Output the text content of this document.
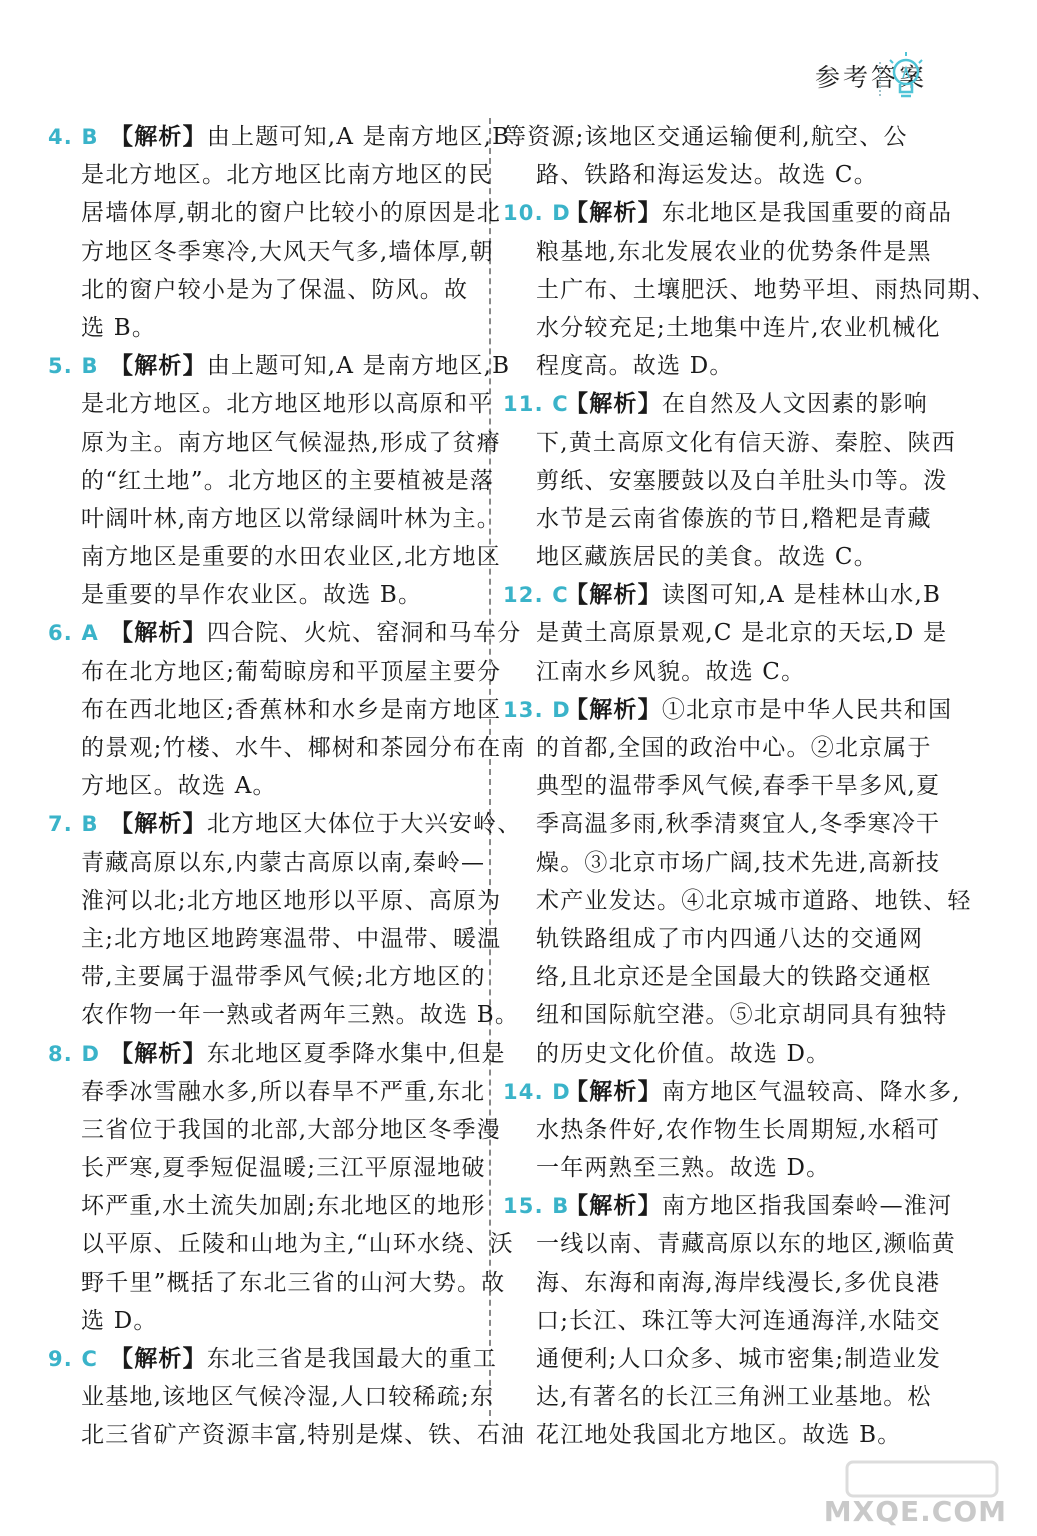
参考答案
4. B 【解析】由上题可知,A 是南方地区,B
是北方地区。北方地区比南方地区的民
居墙体厚,朝北的窗户比较小的原因是北
方地区冬季寒冷,大风天气多,墙体厚,朝
北的窗户较小是为了保温、防风。故
选 B。
5. B 【解析】由上题可知,A 是南方地区,B
是北方地区。北方地区地形以高原和平
原为主。南方地区气候湿热,形成了贫瘠
的“红土地”。北方地区的主要植被是落
叶阔叶林,南方地区以常绿阔叶林为主。
南方地区是重要的水田农业区,北方地区
是重要的旱作农业区。故选 B。
6. A 【解析】四合院、火炕、窑洞和马车分
布在北方地区;葡萄晾房和平顶屋主要分
布在西北地区;香蕉林和水乡是南方地区
的景观;竹楼、水牛、椰树和茶园分布在南
方地区。故选 A。
7. B 【解析】北方地区大体位于大兴安岭、
青藏高原以东,内蒙古高原以南,秦岭—
淮河以北;北方地区地形以平原、高原为
主;北方地区地跨寒温带、中温带、暖温
带,主要属于温带季风气候;北方地区的
农作物一年一熟或者两年三熟。故选 B。
8. D 【解析】东北地区夏季降水集中,但是
春季冰雪融水多,所以春旱不严重,东北
三省位于我国的北部,大部分地区冬季漫
长严寒,夏季短促温暖;三江平原湿地破
坏严重,水土流失加剧;东北地区的地形
以平原、丘陵和山地为主,“山环水绕、沃
野千里”概括了东北三省的山河大势。故
选 D。
9. C 【解析】东北三省是我国最大的重工
业基地,该地区气候冷湿,人口较稀疏;东
北三省矿产资源丰富,特别是煤、铁、石油
等资源;该地区交通运输便利,航空、公
路、铁路和海运发达。故选 C。
10. D【解析】东北地区是我国重要的商品
粮基地,东北发展农业的优势条件是黑
土广布、土壤肥沃、地势平坦、雨热同期、
水分较充足;土地集中连片,农业机械化
程度高。故选 D。
11. C【解析】在自然及人文因素的影响
下,黄土高原文化有信天游、秦腔、陕西
剪纸、安塞腰鼓以及白羊肚头巾等。泼
水节是云南省傣族的节日,糌粑是青藏
地区藏族居民的美食。故选 C。
12. C【解析】读图可知,A 是桂林山水,B
是黄土高原景观,C 是北京的天坛,D 是
江南水乡风貌。故选 C。
13. D【解析】①北京市是中华人民共和国
的首都,全国的政治中心。②北京属于
典型的温带季风气候,春季干旱多风,夏
季高温多雨,秋季清爽宜人,冬季寒冷干
燥。③北京市场广阔,技术先进,高新技
术产业发达。④北京城市道路、地铁、轻
轨铁路组成了市内四通八达的交通网
络,且北京还是全国最大的铁路交通枢
纽和国际航空港。⑤北京胡同具有独特
的历史文化价值。故选 D。
14. D【解析】南方地区气温较高、降水多,
水热条件好,农作物生长周期短,水稻可
一年两熟至三熟。故选 D。
15. B【解析】南方地区指我国秦岭—淮河
一线以南、青藏高原以东的地区,濒临黄
海、东海和南海,海岸线漫长,多优良港
口;长江、珠江等大河连通海洋,水陆交
通便利;人口众多、城市密集;制造业发
达,有著名的长江三角洲工业基地。松
花江地处我国北方地区。故选 B。
MXQE.COM
